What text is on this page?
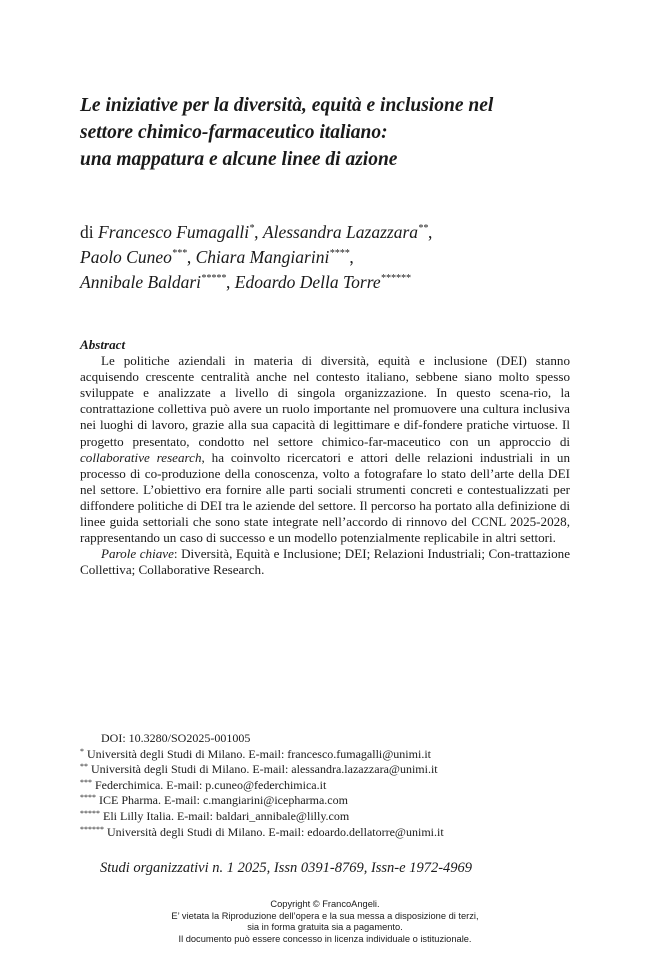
Le iniziative per la diversità, equità e inclusione nel
settore chimico-farmaceutico italiano:
una mappatura e alcune linee di azione
di Francesco Fumagalli*, Alessandra Lazazzara**,
Paolo Cuneo***, Chiara Mangiarini****,
Annibale Baldari*****, Edoardo Della Torre******
Abstract

Le politiche aziendali in materia di diversità, equità e inclusione (DEI) stanno acquisendo crescente centralità anche nel contesto italiano, sebbene siano molto spesso sviluppate e analizzate a livello di singola organizzazione. In questo scena-rio, la contrattazione collettiva può avere un ruolo importante nel promuovere una cultura inclusiva nei luoghi di lavoro, grazie alla sua capacità di legittimare e dif-fondere pratiche virtuose. Il progetto presentato, condotto nel settore chimico-far-maceutico con un approccio di collaborative research, ha coinvolto ricercatori e attori delle relazioni industriali in un processo di co-produzione della conoscenza, volto a fotografare lo stato dell’arte della DEI nel settore. L’obiettivo era fornire alle parti sociali strumenti concreti e contestualizzati per diffondere politiche di DEI tra le aziende del settore. Il percorso ha portato alla definizione di linee guida settoriali che sono state integrate nell’accordo di rinnovo del CCNL 2025-2028, rappresentando un caso di successo e un modello potenzialmente replicabile in altri settori.

Parole chiave: Diversità, Equità e Inclusione; DEI; Relazioni Industriali; Con-trattazione Collettiva; Collaborative Research.

DOI: 10.3280/SO2025-001005
* Università degli Studi di Milano. E-mail: francesco.fumagalli@unimi.it
** Università degli Studi di Milano. E-mail: alessandra.lazazzara@unimi.it
*** Federchimica. E-mail: p.cuneo@federchimica.it
**** ICE Pharma. E-mail: c.mangiarini@icepharma.com
***** Eli Lilly Italia. E-mail: baldari_annibale@lilly.com
****** Università degli Studi di Milano. E-mail: edoardo.dellatorre@unimi.it
Studi organizzativi n. 1 2025, Issn 0391-8769, Issn-e 1972-4969
Copyright © FrancoAngeli.
E’ vietata la Riproduzione dell’opera e la sua messa a disposizione di terzi,
sia in forma gratuita sia a pagamento.
Il documento può essere concesso in licenza individuale o istituzionale.
